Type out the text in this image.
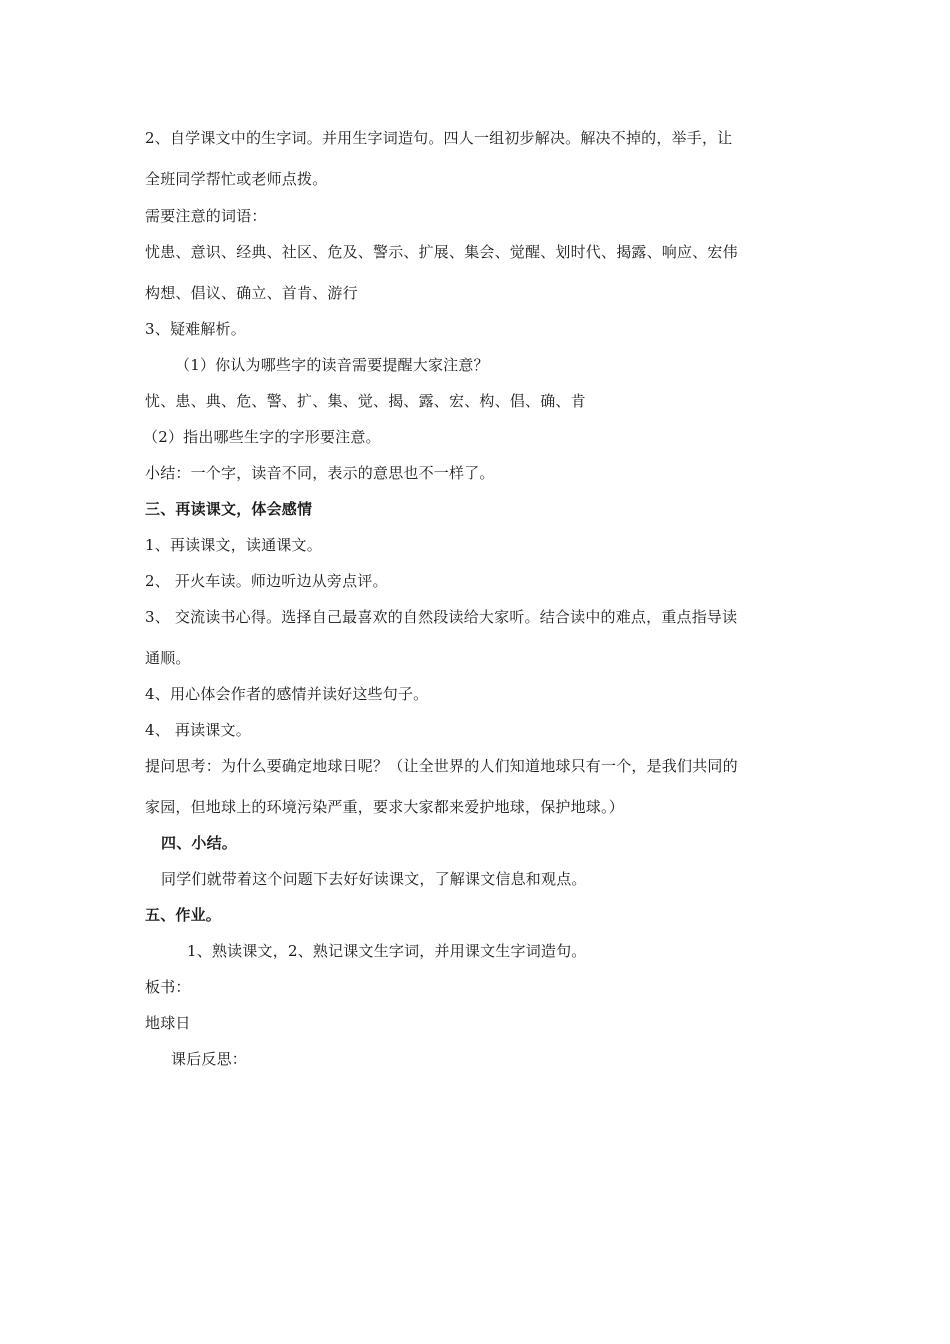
2、自学课文中的生字词。并用生字词造句。四人一组初步解决。解决不掉的，举手，让
全班同学帮忙或老师点拨。
需要注意的词语：
忧患、意识、经典、社区、危及、警示、扩展、集会、觉醒、划时代、揭露、响应、宏伟
构想、倡议、确立、首肯、游行
3、疑难解析。
（1）你认为哪些字的读音需要提醒大家注意？
忧、患、典、危、警、扩、集、觉、揭、露、宏、构、倡、确、肯
（2）指出哪些生字的字形要注意。
小结：一个字，读音不同，表示的意思也不一样了。
三、再读课文，体会感情
1、再读课文，读通课文。
2、 开火车读。师边听边从旁点评。
3、 交流读书心得。选择自己最喜欢的自然段读给大家听。结合读中的难点，重点指导读
通顺。
4、用心体会作者的感情并读好这些句子。
4、 再读课文。
提问思考：为什么要确定地球日呢？（让全世界的人们知道地球只有一个，是我们共同的
家园，但地球上的环境污染严重，要求大家都来爱护地球，保护地球。）
四、小结。
同学们就带着这个问题下去好好读课文，了解课文信息和观点。
五、作业。
1、熟读课文，2、熟记课文生字词，并用课文生字词造句。
板书：
地球日
课后反思：
